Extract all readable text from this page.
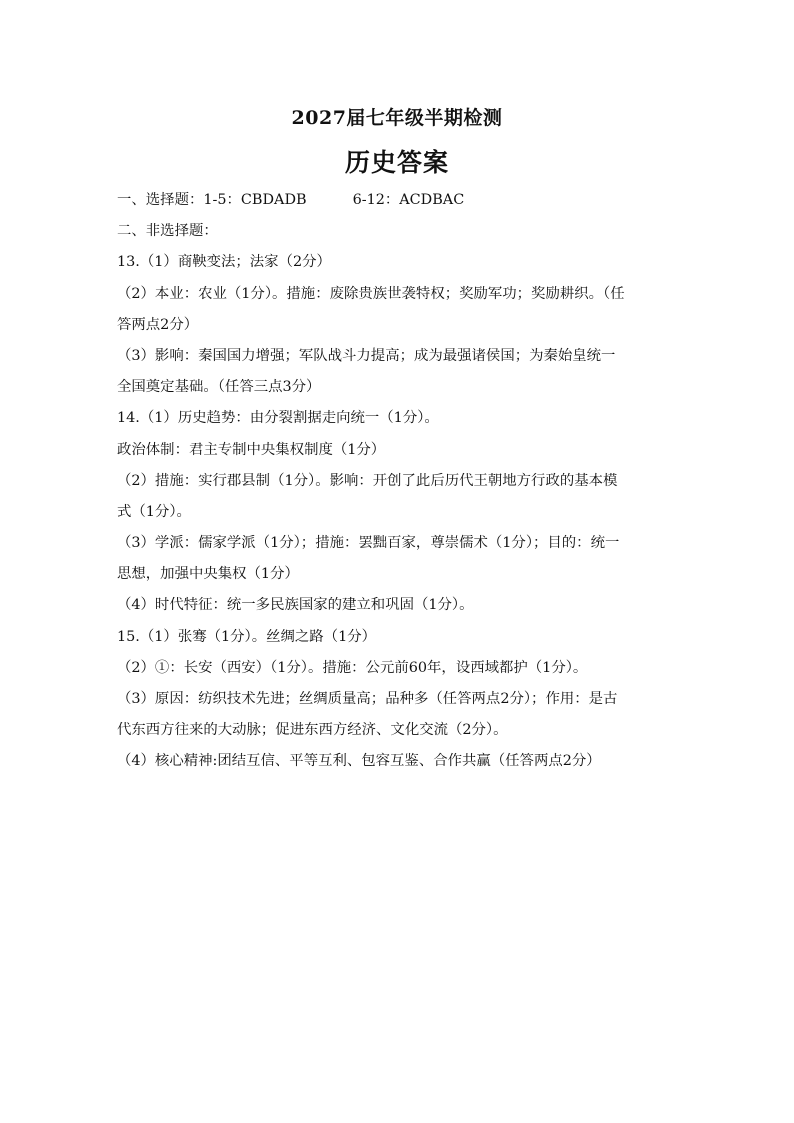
2027届七年级半期检测
历史答案
一、选择题：1-5：CBDADB	6-12：ACDBAC
二、非选择题：
13.（1）商鞅变法；法家（2分）
（2）本业：农业（1分）。措施：废除贵族世袭特权；奖励军功；奖励耕织。（任
答两点2分）
（3）影响：秦国国力增强；军队战斗力提高；成为最强诸侯国；为秦始皇统一
全国奠定基础。（任答三点3分）
14.（1）历史趋势：由分裂割据走向统一（1分）。
政治体制：君主专制中央集权制度（1分）
（2）措施：实行郡县制（1分）。影响：开创了此后历代王朝地方行政的基本模
式（1分）。
（3）学派：儒家学派（1分）；措施：罢黜百家，尊崇儒术（1分）；目的：统一
思想，加强中央集权（1分）
（4）时代特征：统一多民族国家的建立和巩固（1分）。
15.（1）张骞（1分）。丝绸之路（1分）
（2）①：长安（西安）（1分）。措施：公元前60年，设西域都护（1分）。
（3）原因：纺织技术先进；丝绸质量高；品种多（任答两点2分）；作用：是古
代东西方往来的大动脉；促进东西方经济、文化交流（2分）。
（4）核心精神:团结互信、平等互利、包容互鉴、合作共赢（任答两点2分）
